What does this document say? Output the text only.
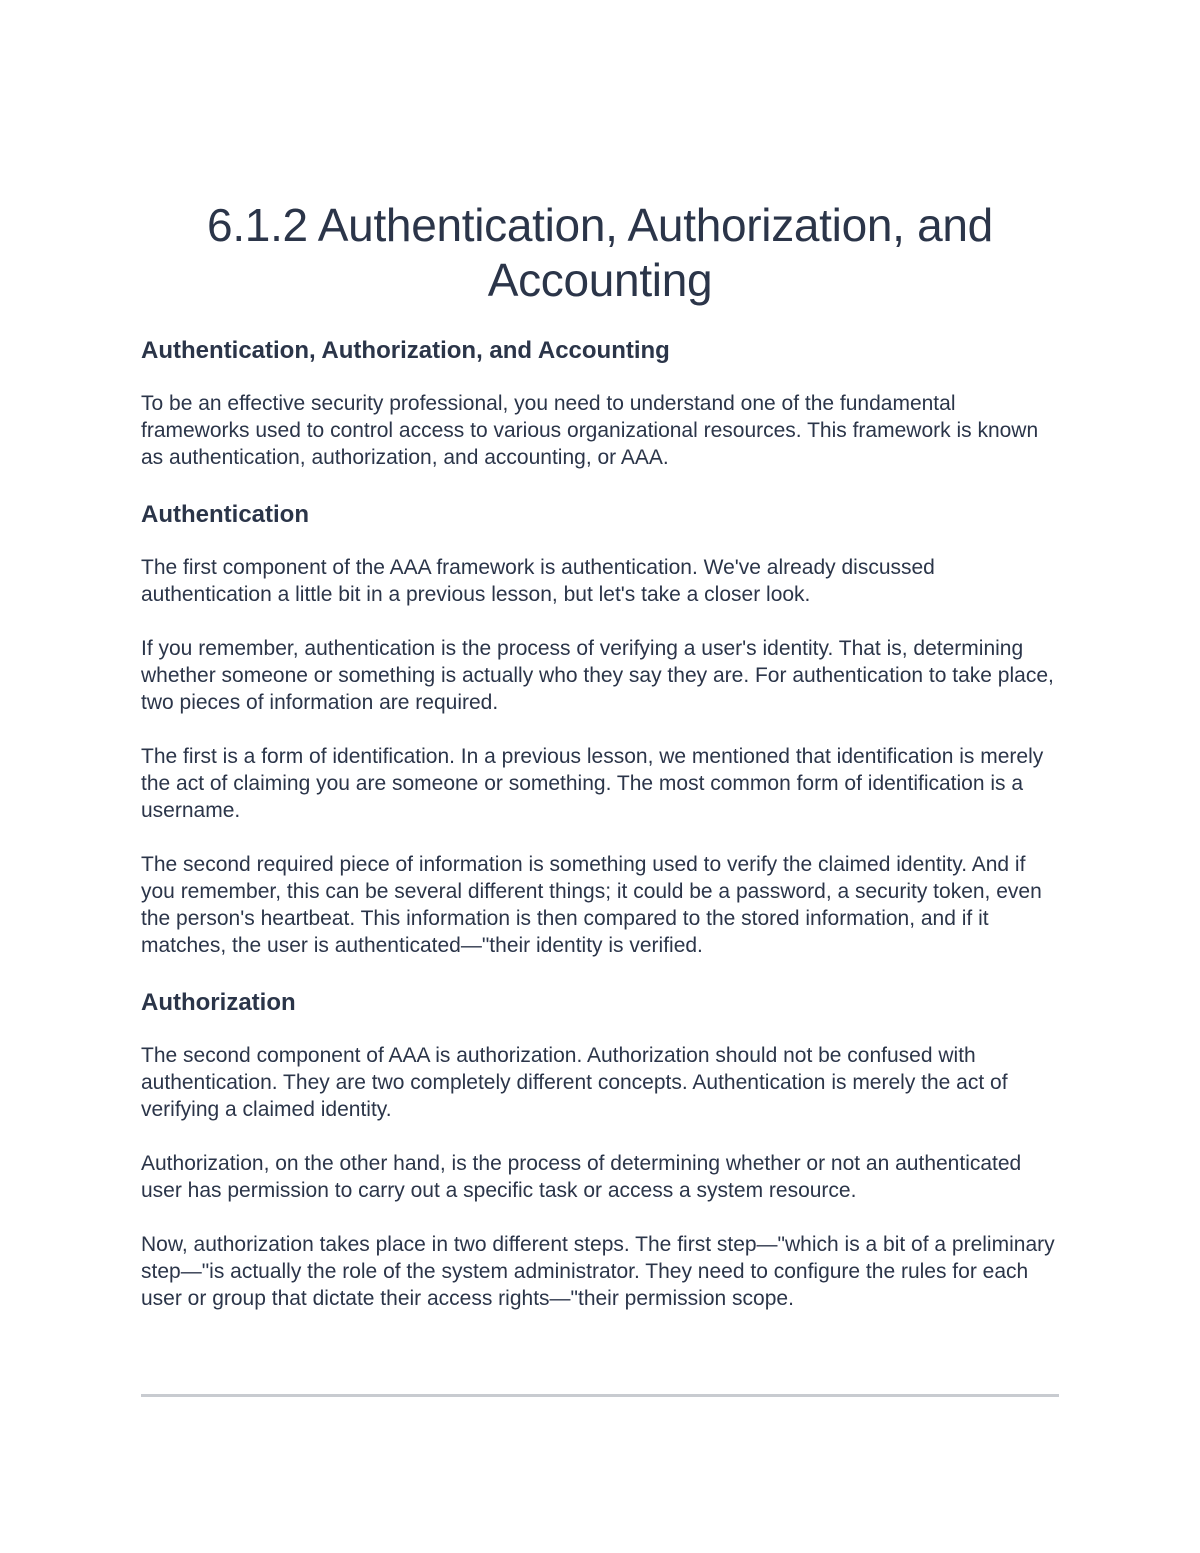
6.1.2 Authentication, Authorization, and Accounting
Authentication, Authorization, and Accounting

To be an effective security professional, you need to understand one of the fundamental frameworks used to control access to various organizational resources. This framework is known as authentication, authorization, and accounting, or AAA.

Authentication

The first component of the AAA framework is authentication. We've already discussed authentication a little bit in a previous lesson, but let's take a closer look.

If you remember, authentication is the process of verifying a user's identity. That is, determining whether someone or something is actually who they say they are. For authentication to take place, two pieces of information are required.

The first is a form of identification. In a previous lesson, we mentioned that identification is merely the act of claiming you are someone or something. The most common form of identification is a username.

The second required piece of information is something used to verify the claimed identity. And if you remember, this can be several different things; it could be a password, a security token, even the person's heartbeat. This information is then compared to the stored information, and if it matches, the user is authenticated—"their identity is verified.

Authorization

The second component of AAA is authorization. Authorization should not be confused with authentication. They are two completely different concepts. Authentication is merely the act of verifying a claimed identity.

Authorization, on the other hand, is the process of determining whether or not an authenticated user has permission to carry out a specific task or access a system resource.

Now, authorization takes place in two different steps. The first step—"which is a bit of a preliminary step—"is actually the role of the system administrator. They need to configure the rules for each user or group that dictate their access rights—"their permission scope.
